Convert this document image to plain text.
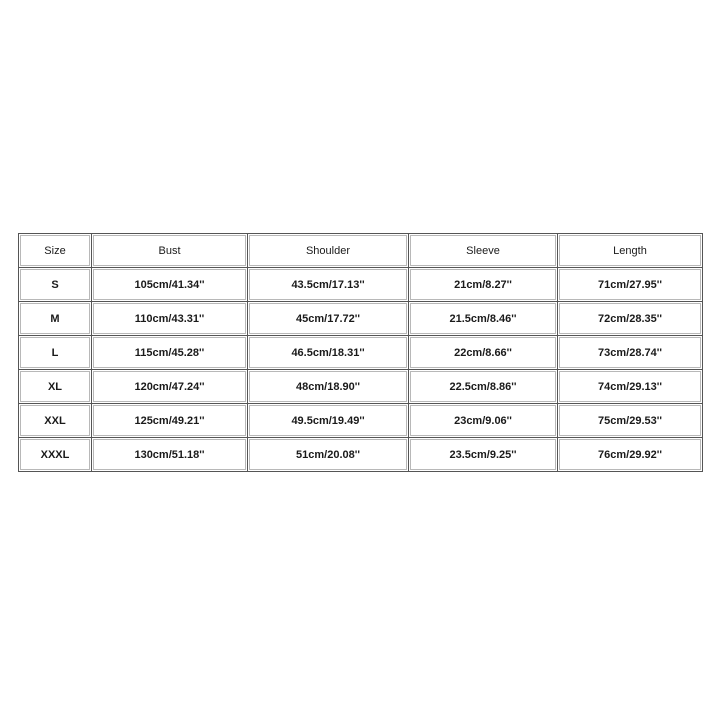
Size	Bust	Shoulder	Sleeve	Length
S	105cm/41.34''	43.5cm/17.13''	21cm/8.27''	71cm/27.95''
M	110cm/43.31''	45cm/17.72''	21.5cm/8.46''	72cm/28.35''
L	115cm/45.28''	46.5cm/18.31''	22cm/8.66''	73cm/28.74''
XL	120cm/47.24''	48cm/18.90''	22.5cm/8.86''	74cm/29.13''
XXL	125cm/49.21''	49.5cm/19.49''	23cm/9.06''	75cm/29.53''
XXXL	130cm/51.18''	51cm/20.08''	23.5cm/9.25''	76cm/29.92''
